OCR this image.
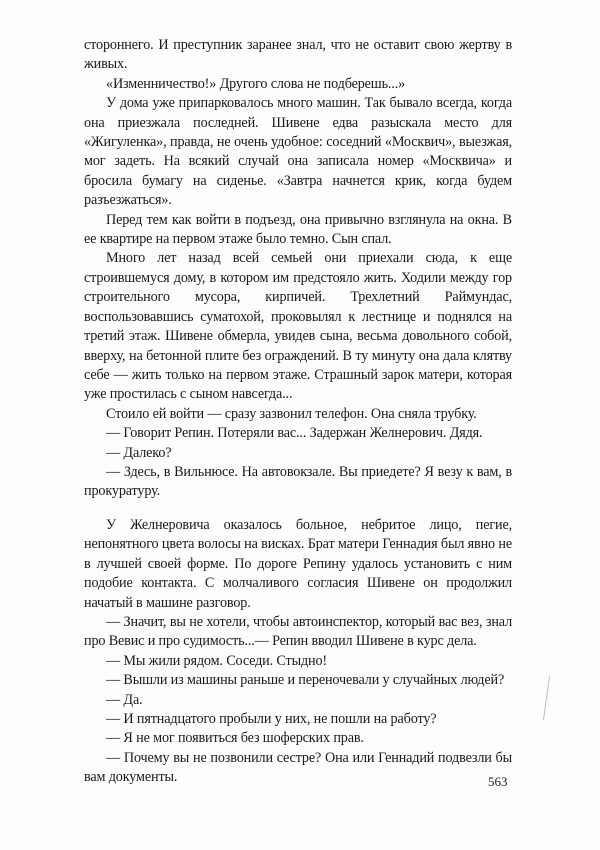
стороннего. И преступник заранее знал, что не оставит свою жертву в живых.

«Изменничество!» Другого слова не подберешь...»

У дома уже припарковалось много машин. Так бывало всегда, когда она приезжала последней. Шивене едва разыскала место для «Жигуленка», правда, не очень удобное: соседний «Москвич», выезжая, мог задеть. На всякий случай она записала номер «Москвича» и бросила бумагу на сиденье. «Завтра начнется крик, когда будем разъезжаться».

Перед тем как войти в подъезд, она привычно взглянула на окна. В ее квартире на первом этаже было темно. Сын спал.

Много лет назад всей семьей они приехали сюда, к еще строившемуся дому, в котором им предстояло жить. Ходили между гор строительного мусора, кирпичей. Трехлетний Раймундас, воспользовавшись суматохой, проковылял к лестнице и поднялся на третий этаж. Шивене обмерла, увидев сына, весьма довольного собой, вверху, на бетонной плите без ограждений. В ту минуту она дала клятву себе — жить только на первом этаже. Страшный зарок матери, которая уже простилась с сыном навсегда...

Стоило ей войти — сразу зазвонил телефон. Она сняла трубку.

— Говорит Репин. Потеряли вас... Задержан Желнерович. Дядя.

— Далеко?

— Здесь, в Вильнюсе. На автовокзале. Вы приедете? Я везу к вам, в прокуратуру.

У Желнеровича оказалось больное, небритое лицо, пегие, непонятного цвета волосы на висках. Брат матери Геннадия был явно не в лучшей своей форме. По дороге Репину удалось установить с ним подобие контакта. С молчаливого согласия Шивене он продолжил начатый в машине разговор.

— Значит, вы не хотели, чтобы автоинспектор, который вас вез, знал про Вевис и про судимость...— Репин вводил Шивене в курс дела.

— Мы жили рядом. Соседи. Стыдно!

— Вышли из машины раньше и переночевали у случайных людей?

— Да.

— И пятнадцатого пробыли у них, не пошли на работу?

— Я не мог появиться без шоферских прав.

— Почему вы не позвонили сестре? Она или Геннадий подвезли бы вам документы.	563
